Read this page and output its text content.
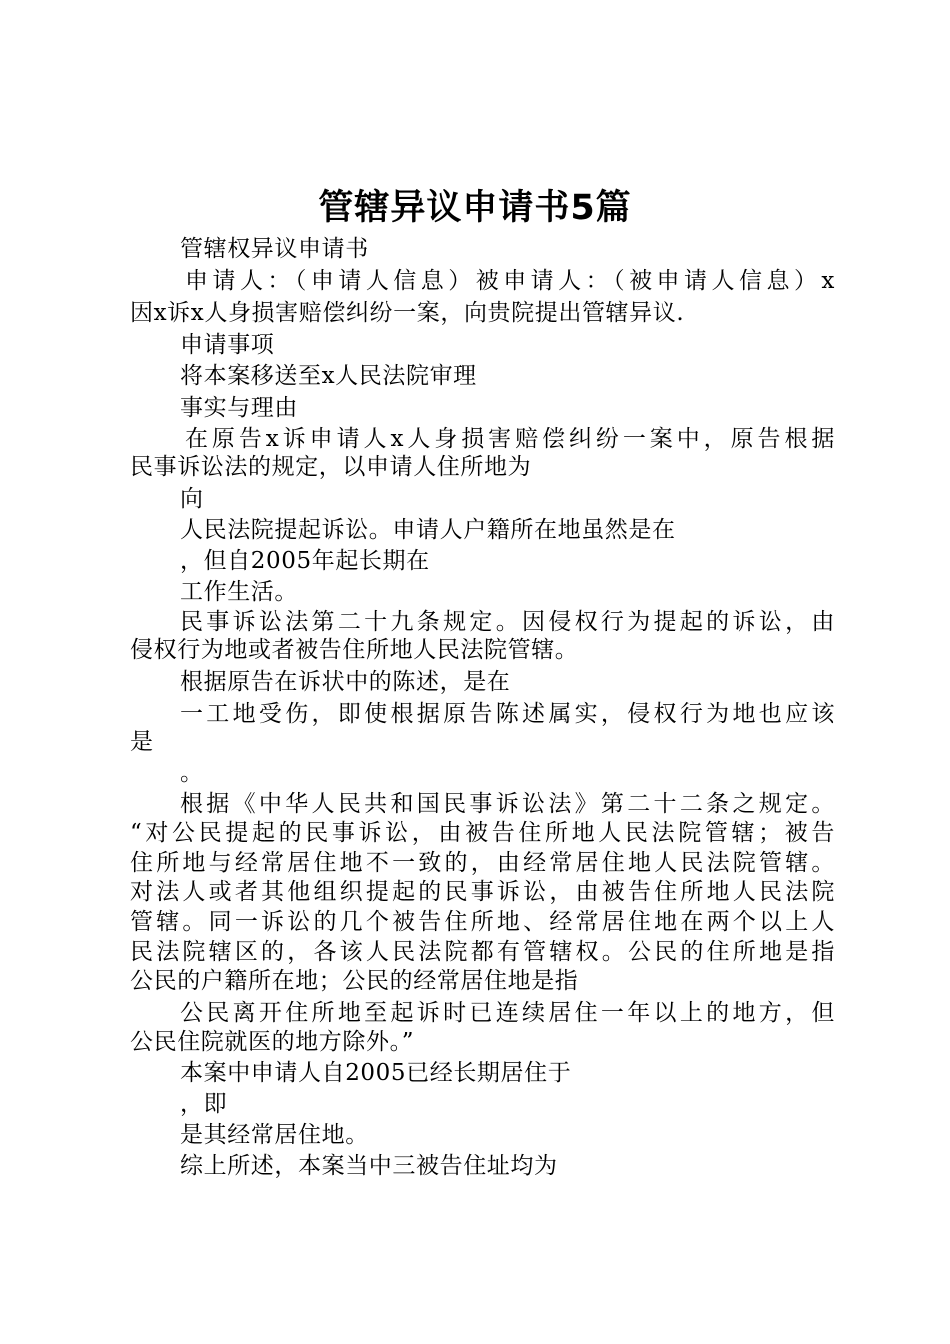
管辖异议申请书5篇
管辖权异议申请书
申请人：（申请人信息）被申请人：（被申请人信息）x
因x诉x人身损害赔偿纠纷一案，向贵院提出管辖异议.
申请事项
将本案移送至x人民法院审理
事实与理由
在原告x诉申请人x人身损害赔偿纠纷一案中，原告根据
民事诉讼法的规定，以申请人住所地为
向
人民法院提起诉讼。申请人户籍所在地虽然是在
，但自2005年起长期在
工作生活。
民事诉讼法第二十九条规定。因侵权行为提起的诉讼，由
侵权行为地或者被告住所地人民法院管辖。
根据原告在诉状中的陈述，是在
一工地受伤，即使根据原告陈述属实，侵权行为地也应该
是
。
根据《中华人民共和国民事诉讼法》第二十二条之规定。
“对公民提起的民事诉讼，由被告住所地人民法院管辖；被告
住所地与经常居住地不一致的，由经常居住地人民法院管辖。
对法人或者其他组织提起的民事诉讼，由被告住所地人民法院
管辖。同一诉讼的几个被告住所地、经常居住地在两个以上人
民法院辖区的，各该人民法院都有管辖权。公民的住所地是指
公民的户籍所在地；公民的经常居住地是指
公民离开住所地至起诉时已连续居住一年以上的地方，但
公民住院就医的地方除外。”
本案中申请人自2005已经长期居住于
，即
是其经常居住地。
综上所述，本案当中三被告住址均为
